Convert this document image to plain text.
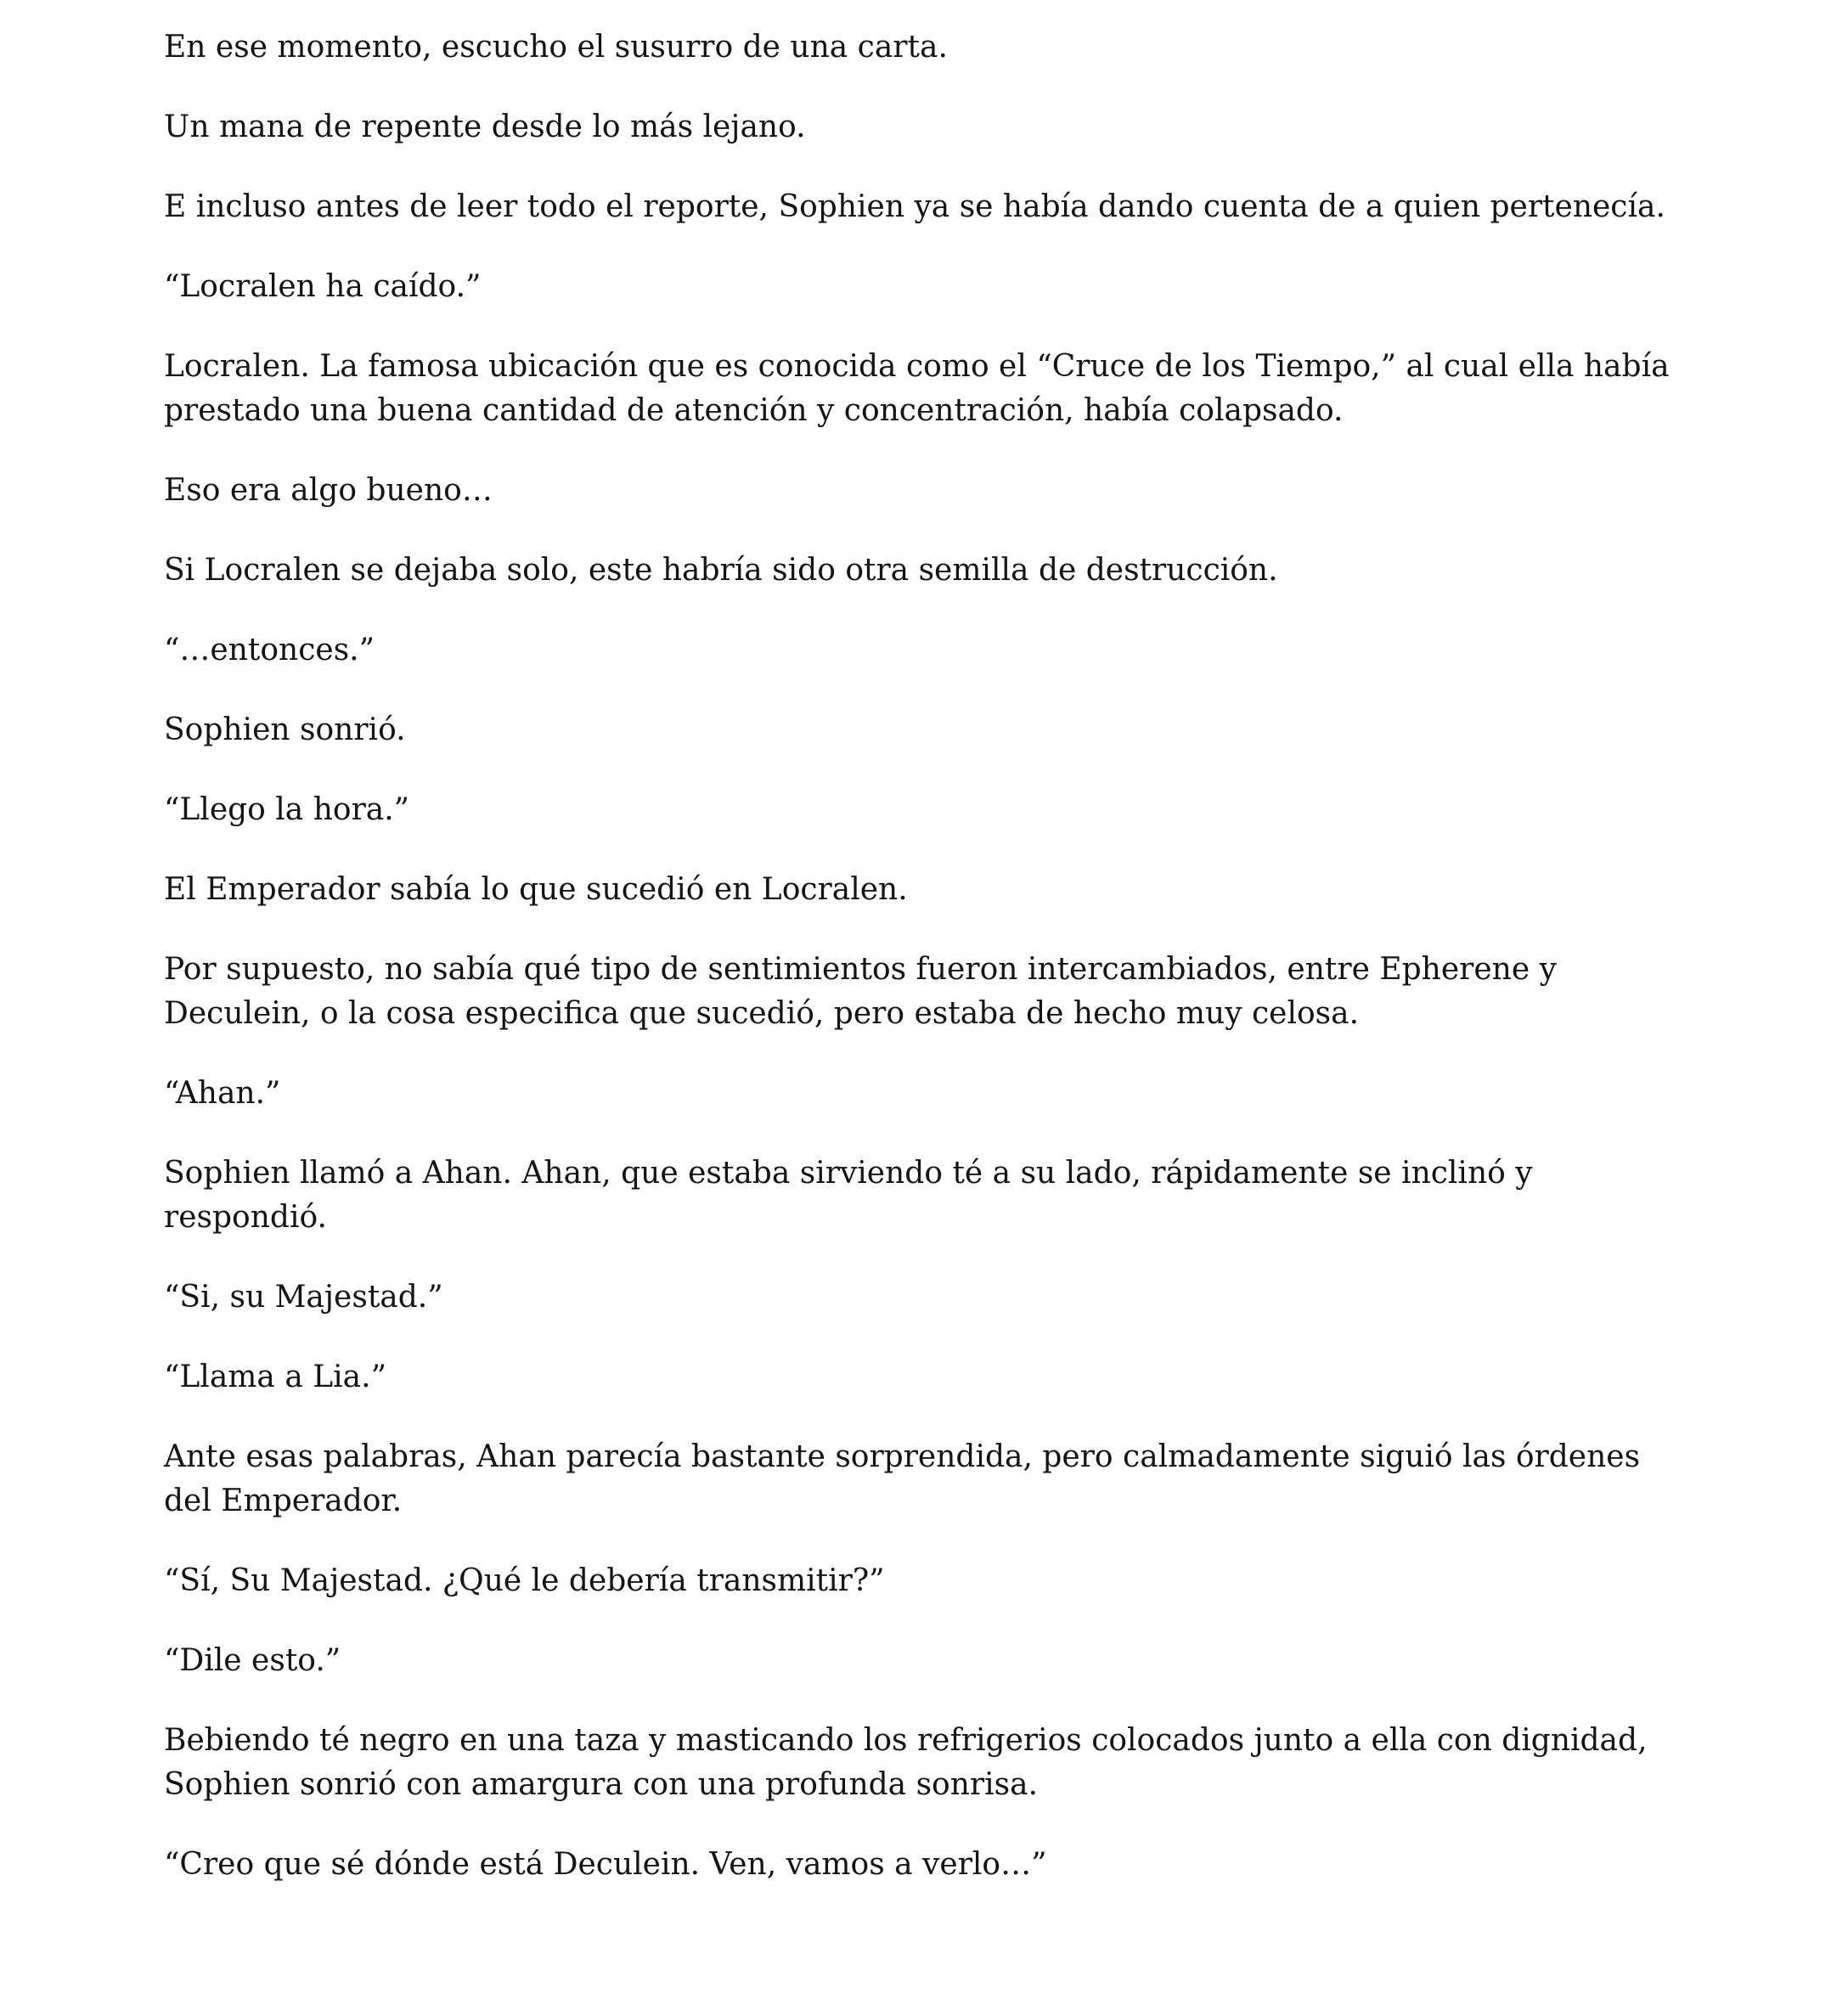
En ese momento, escucho el susurro de una carta.

Un mana de repente desde lo más lejano.

E incluso antes de leer todo el reporte, Sophien ya se había dando cuenta de a quien pertenecía.

“Locralen ha caído.”

Locralen. La famosa ubicación que es conocida como el “Cruce de los Tiempo,” al cual ella había prestado una buena cantidad de atención y concentración, había colapsado.

Eso era algo bueno…

Si Locralen se dejaba solo, este habría sido otra semilla de destrucción.

“…entonces.”

Sophien sonrió.

“Llego la hora.”

El Emperador sabía lo que sucedió en Locralen.

Por supuesto, no sabía qué tipo de sentimientos fueron intercambiados, entre Epherene y Deculein, o la cosa especifica que sucedió, pero estaba de hecho muy celosa.

“Ahan.”

Sophien llamó a Ahan. Ahan, que estaba sirviendo té a su lado, rápidamente se inclinó y respondió.

“Si, su Majestad.”

“Llama a Lia.”

Ante esas palabras, Ahan parecía bastante sorprendida, pero calmadamente siguió las órdenes del Emperador.

“Sí, Su Majestad. ¿Qué le debería transmitir?”

“Dile esto.”

Bebiendo té negro en una taza y masticando los refrigerios colocados junto a ella con dignidad, Sophien sonrió con amargura con una profunda sonrisa.

“Creo que sé dónde está Deculein. Ven, vamos a verlo…”
